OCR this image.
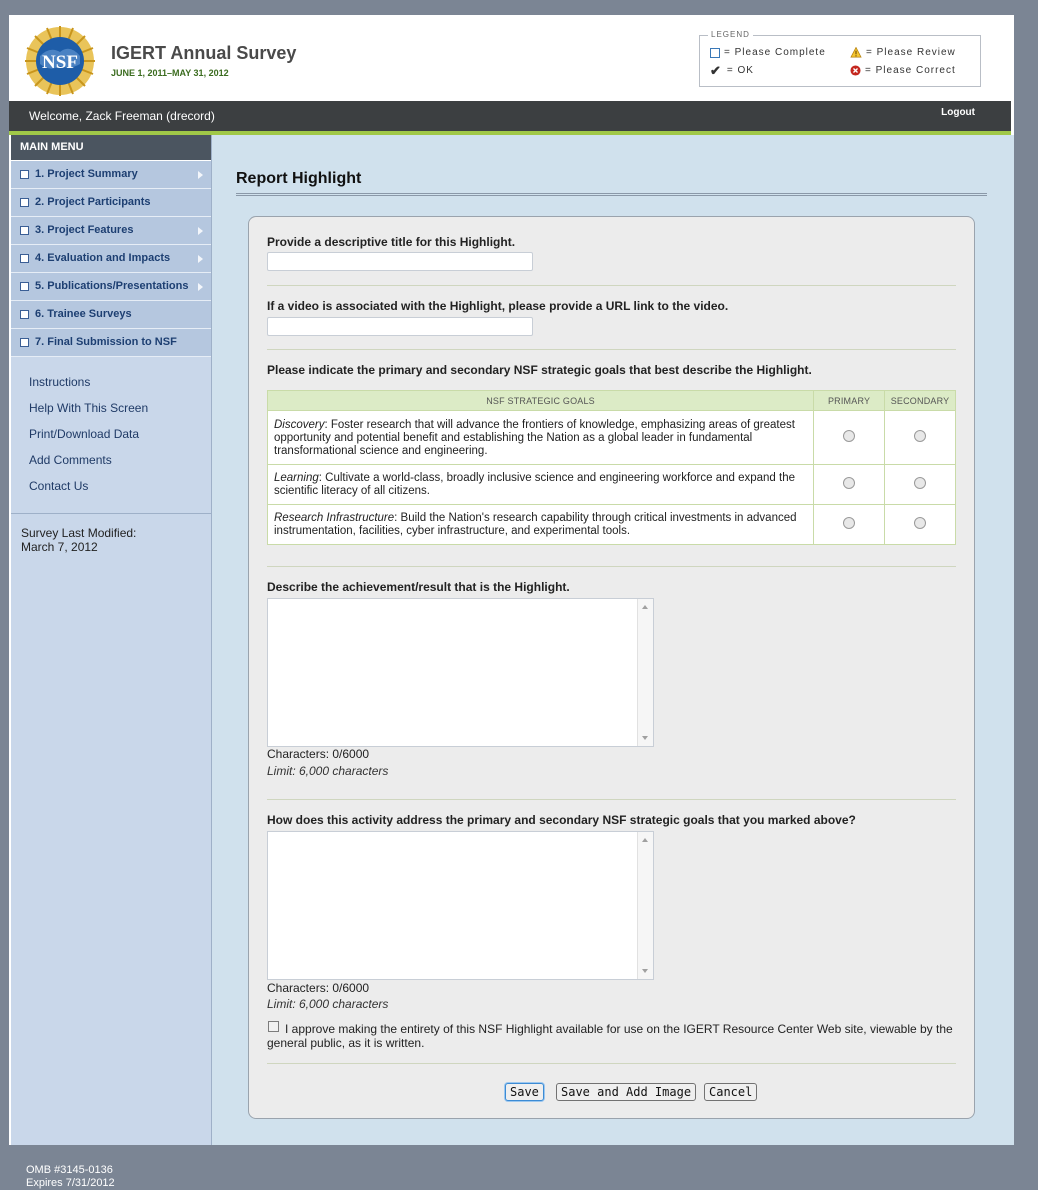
NSF IGERT Annual Survey
JUNE 1, 2011–MAY 31, 2012
LEGEND
= Please Complete
✔ = OK
= Please Review
= Please Correct
Welcome, Zack Freeman (drecord)	Logout
MAIN MENU
1. Project Summary
2. Project Participants
3. Project Features
4. Evaluation and Impacts
5. Publications/Presentations
6. Trainee Surveys
7. Final Submission to NSF
Instructions
Help With This Screen
Print/Download Data
Add Comments
Contact Us
Survey Last Modified:
March 7, 2012
Report Highlight
Provide a descriptive title for this Highlight.
If a video is associated with the Highlight, please provide a URL link to the video.
Please indicate the primary and secondary NSF strategic goals that best describe the Highlight.
NSF STRATEGIC GOALS	PRIMARY	SECONDARY
Discovery: Foster research that will advance the frontiers of knowledge, emphasizing areas of greatest opportunity and potential benefit and establishing the Nation as a global leader in fundamental transformational science and engineering.		
Learning: Cultivate a world-class, broadly inclusive science and engineering workforce and expand the scientific literacy of all citizens.		
Research Infrastructure: Build the Nation's research capability through critical investments in advanced instrumentation, facilities, cyber infrastructure, and experimental tools.		
Describe the achievement/result that is the Highlight.
Characters: 0/6000
Limit: 6,000 characters
How does this activity address the primary and secondary NSF strategic goals that you marked above?
Characters: 0/6000
Limit: 6,000 characters
I approve making the entirety of this NSF Highlight available for use on the IGERT Resource Center Web site, viewable by the general public, as it is written.
Save	Save and Add Image	Cancel
OMB #3145-0136
Expires 7/31/2012
